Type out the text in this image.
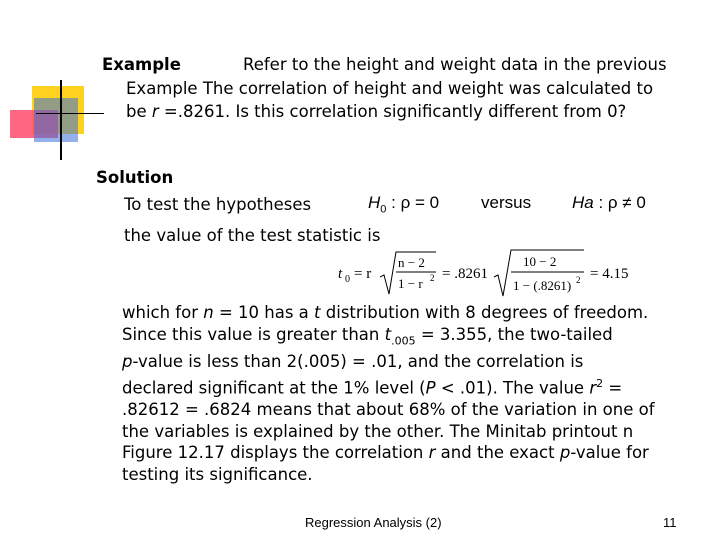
Example	Refer to the height and weight data in the previous
Example The correlation of height and weight was calculated to
be r =.8261. Is this correlation significantly different from 0?
Solution
To test the hypotheses	$H_0$ : ρ = 0 versus Ha : ρ ≠ 0
the value of the test statistic is
t 0 = r
n − 2
1 − r 2 = .8261
10 − 2
1 − (.8261) 2 = 4.15
which for n = 10 has a t distribution with 8 degrees of freedom.
Since this value is greater than $t_{.005} = 3.355$, the two-tailed
p-value is less than 2(.005) = .01, and the correlation is
declared significant at the 1% level (P < .01). The value $r^2$ =
.82612 = .6824 means that about 68% of the variation in one of
the variables is explained by the other. The Minitab printout n
Figure 12.17 displays the correlation r and the exact p-value for
testing its significance.
Regression Analysis (2)	11
